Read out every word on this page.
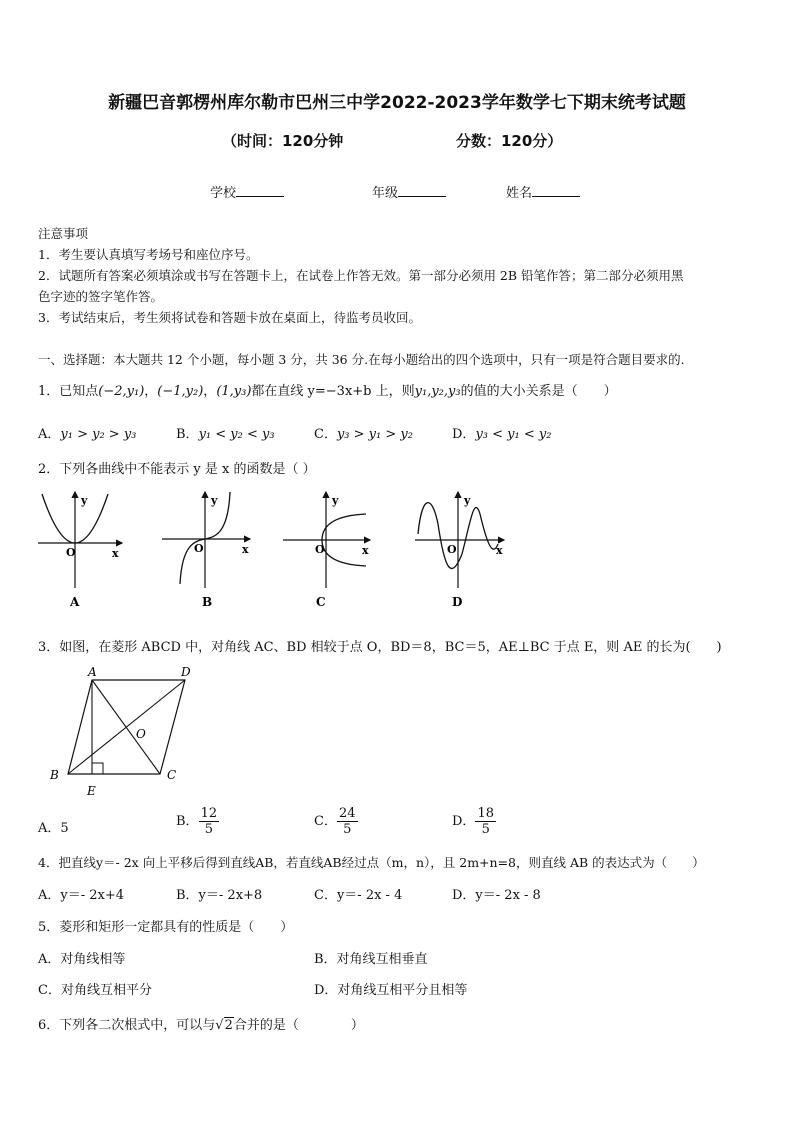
新疆巴音郭楞州库尔勒市巴州三中学2022-2023学年数学七下期末统考试题
（时间：120分钟	分数：120分）
学校	年级	姓名
注意事项
1．考生要认真填写考场号和座位序号。
2．试题所有答案必须填涂或书写在答题卡上，在试卷上作答无效。第一部分必须用 2B 铅笔作答；第二部分必须用黑
色字迹的签字笔作答。
3．考试结束后，考生须将试卷和答题卡放在桌面上，待监考员收回。
一、选择题：本大题共 12 个小题，每小题 3 分，共 36 分.在每小题给出的四个选项中，只有一项是符合题目要求的.
1．已知点(−2,y₁)，(−1,y₂)，(1,y₃)都在直线 y=−3x+b 上，则y₁,y₂,y₃的值的大小关系是（　　）
A．y₁ > y₂ > y₃	B．y₁ < y₂ < y₃	C．y₃ > y₁ > y₂	D．y₃ < y₁ < y₂
2．下列各曲线中不能表示 y 是 x 的函数是（ ）
y
x
O
A
y
x
O
B
y
x
O
C
y
x
O
D
3．如图，在菱形 ABCD 中，对角线 AC、BD 相较于点 O，BD＝8，BC＝5，AE⊥BC 于点 E，则 AE 的长为(　　)
A	D
B	C
O
E
A．5	B． $\frac{12}{5}$	C． $\frac{24}{5}$	D． $\frac{18}{5}$
4．把直线y＝- 2x 向上平移后得到直线AB，若直线AB经过点（m，n），且 2m+n=8，则直线 AB 的表达式为（　　）
A．y＝- 2x+4	B．y＝- 2x+8	C．y＝- 2x - 4	D．y＝- 2x - 8
5．菱形和矩形一定都具有的性质是（　　）
A．对角线相等	B．对角线互相垂直
C．对角线互相平分	D．对角线互相平分且相等
6．下列各二次根式中，可以与√2合并的是（　　　　）
